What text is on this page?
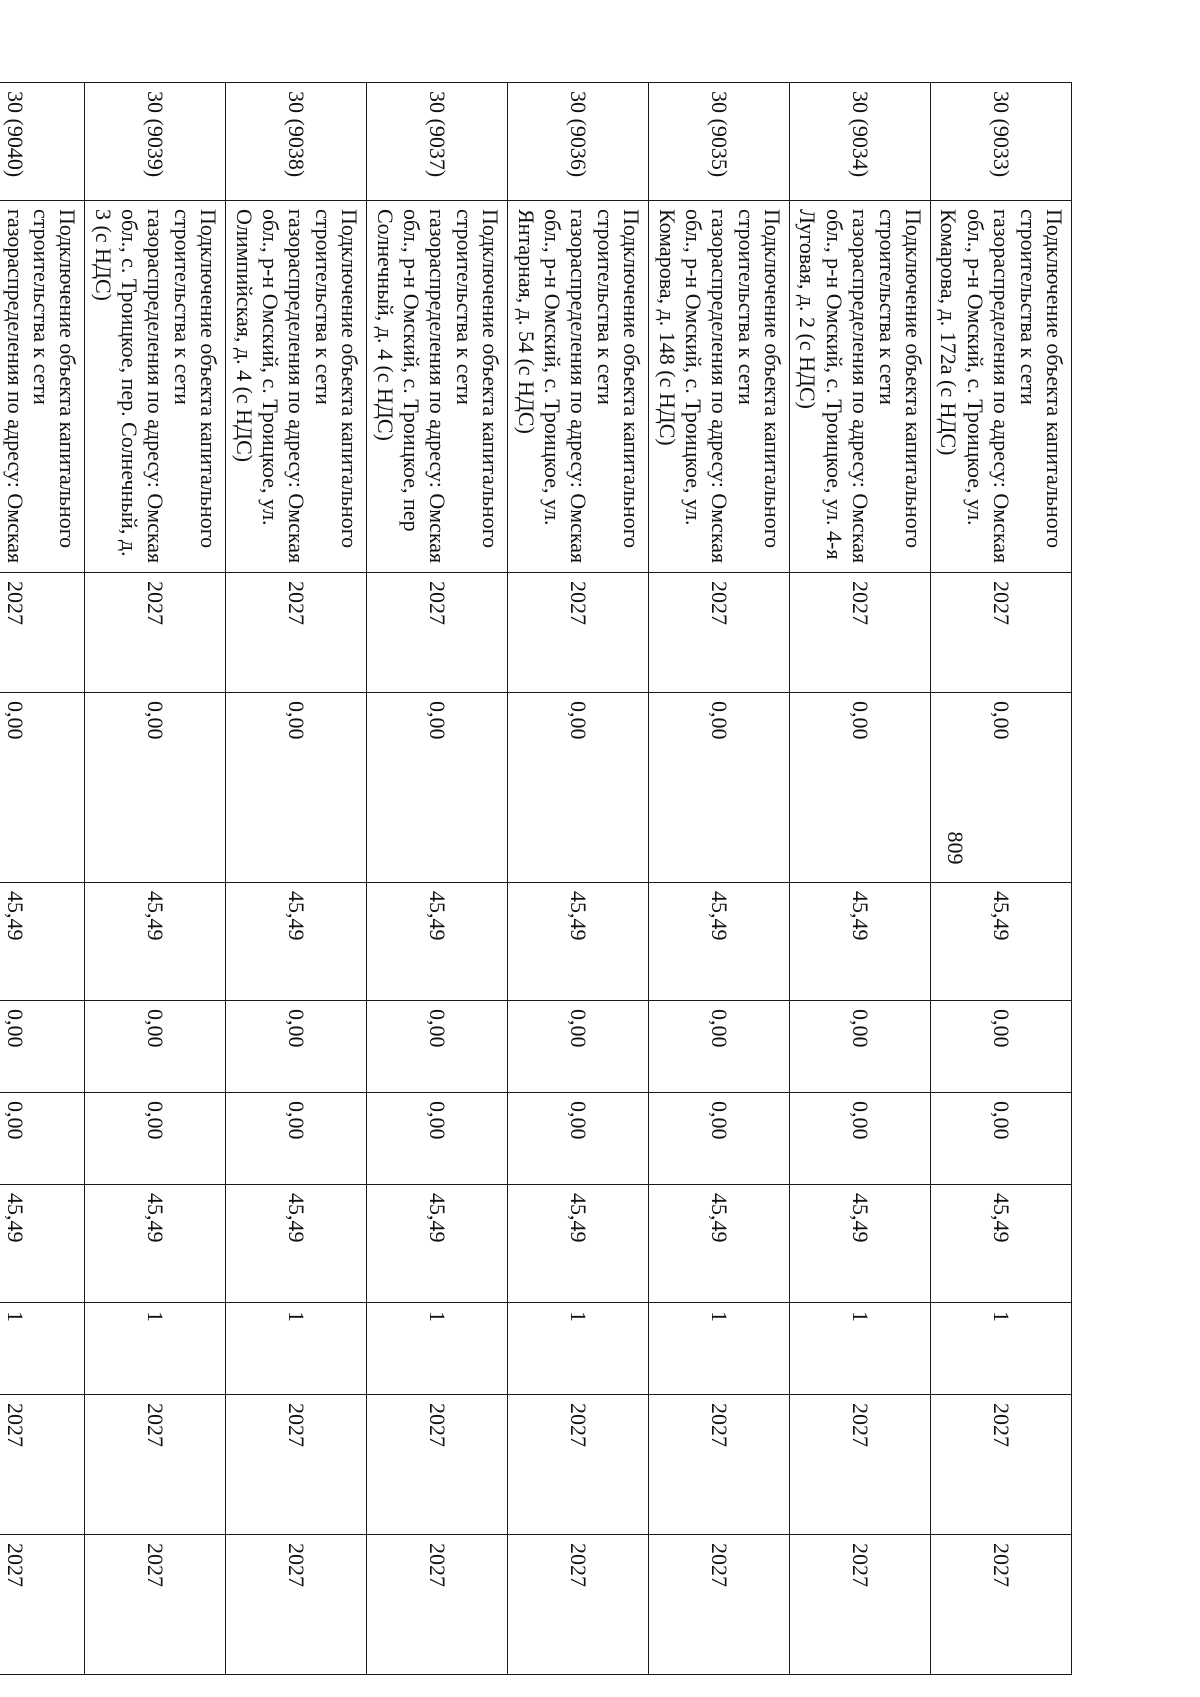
809
30 (9033)	Подключение объекта капитального строительства к сети газораспределения по адресу: Омская обл., р-н Омский, с. Троицкое, ул. Комарова, д. 172а (с НДС)	2027	0,00	45,49	0,00	0,00	45,49	1	2027	2027
30 (9034)	Подключение объекта капитального строительства к сети газораспределения по адресу: Омская обл., р-н Омский, с. Троицкое, ул. 4-я Луговая, д. 2 (с НДС)	2027	0,00	45,49	0,00	0,00	45,49	1	2027	2027
30 (9035)	Подключение объекта капитального строительства к сети газораспределения по адресу: Омская обл., р-н Омский, с. Троицкое, ул. Комарова, д. 148 (с НДС)	2027	0,00	45,49	0,00	0,00	45,49	1	2027	2027
30 (9036)	Подключение объекта капитального строительства к сети газораспределения по адресу: Омская обл., р-н Омский, с. Троицкое, ул. Янтарная, д. 54 (с НДС)	2027	0,00	45,49	0,00	0,00	45,49	1	2027	2027
30 (9037)	Подключение объекта капитального строительства к сети газораспределения по адресу: Омская обл., р-н Омский, с. Троицкое, пер Солнечный, д. 4 (с НДС)	2027	0,00	45,49	0,00	0,00	45,49	1	2027	2027
30 (9038)	Подключение объекта капитального строительства к сети газораспределения по адресу: Омская обл., р-н Омский, с. Троицкое, ул. Олимпийская, д. 4 (с НДС)	2027	0,00	45,49	0,00	0,00	45,49	1	2027	2027
30 (9039)	Подключение объекта капитального строительства к сети газораспределения по адресу: Омская обл., с. Троицкое, пер. Солнечный, д. 3 (с НДС)	2027	0,00	45,49	0,00	0,00	45,49	1	2027	2027
30 (9040)	Подключение объекта капитального строительства к сети газораспределения по адресу: Омская	2027	0,00	45,49	0,00	0,00	45,49	1	2027	2027
